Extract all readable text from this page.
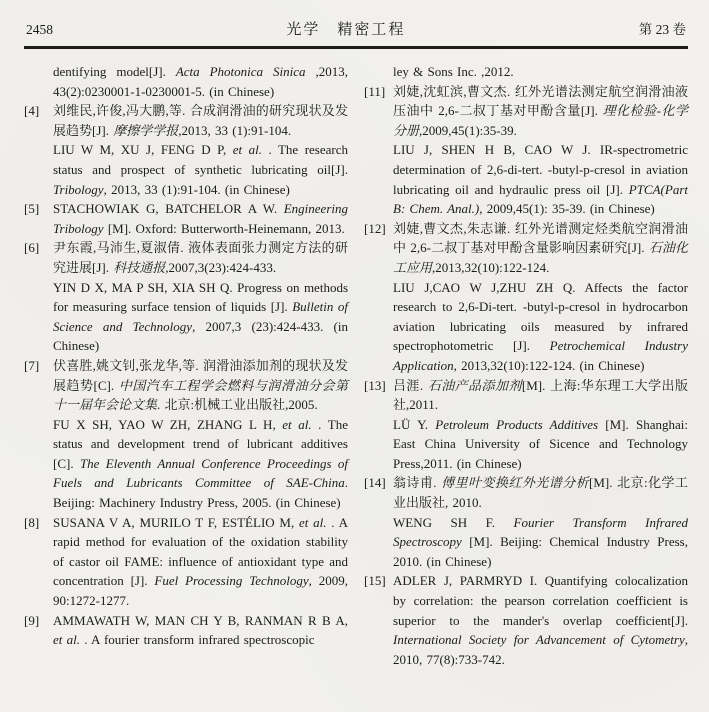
2458	光学　精密工程	第 23 卷

dentifying model[J]. Acta Photonica Sinica ,2013, 43(2):0230001-1-0230001-5. (in Chinese)

[4] 刘维民,许俊,冯大鹏,等. 合成润滑油的研究现状及发展趋势[J]. 摩擦学学报,2013, 33 (1):91-104.

LIU W M, XU J, FENG D P, et al. . The research status and prospect of synthetic lubricating oil[J]. Tribology, 2013, 33 (1):91-104. (in Chinese)

[5] STACHOWIAK G, BATCHELOR A W. Engineering Tribology [M]. Oxford: Butterworth-Heinemann, 2013.

[6] 尹东霞,马沛生,夏淑倩. 液体表面张力测定方法的研究进展[J]. 科技通报,2007,3(23):424-433.

YIN D X, MA P SH, XIA SH Q. Progress on methods for measuring surface tension of liquids [J]. Bulletin of Science and Technology, 2007,3 (23):424-433. (in Chinese)

[7] 伏喜胜,姚文钊,张龙华,等. 润滑油添加剂的现状及发展趋势[C]. 中国汽车工程学会燃料与润滑油分会第十一届年会论文集. 北京:机械工业出版社,2005.

FU X SH, YAO W ZH, ZHANG L H, et al. . The status and development trend of lubricant additives [C]. The Eleventh Annual Conference Proceedings of Fuels and Lubricants Committee of SAE-China. Beijing: Machinery Industry Press, 2005. (in Chinese)

[8] SUSANA V A, MURILO T F, ESTÉLIO M, et al. . A rapid method for evaluation of the oxidation stability of castor oil FAME: influence of antioxidant type and concentration [J]. Fuel Processing Technology, 2009, 90:1272-1277.

[9] AMMAWATH W, MAN CH Y B, RANMAN R B A, et al. . A fourier transform infrared spectroscopic

ley & Sons Inc. ,2012.

[11] 刘婕,沈虹滨,曹文杰. 红外光谱法测定航空润滑油液压油中 2,6-二叔丁基对甲酚含量[J]. 理化检验-化学分册,2009,45(1):35-39.

LIU J, SHEN H B, CAO W J. IR-spectrometric determination of 2,6-di-tert. -butyl-p-cresol in aviation lubricating oil and hydraulic press oil [J]. PTCA(Part B: Chem. Anal.), 2009,45(1): 35-39. (in Chinese)

[12] 刘婕,曹文杰,朱志谦. 红外光谱测定烃类航空润滑油中 2,6-二叔丁基对甲酚含量影响因素研究[J]. 石油化工应用,2013,32(10):122-124.

LIU J,CAO W J,ZHU ZH Q. Affects the factor research to 2,6-Di-tert. -butyl-p-cresol in hydrocarbon aviation lubricating oils measured by infrared spectrophotometric [J]. Petrochemical Industry Application, 2013,32(10):122-124. (in Chinese)

[13] 吕涯. 石油产品添加剂[M]. 上海:华东理工大学出版社,2011.

LÜ Y. Petroleum Products Additives [M]. Shanghai: East China University of Sicence and Technology Press,2011. (in Chinese)

[14] 翁诗甫. 傅里叶变换红外光谱分析[M]. 北京:化学工业出版社, 2010.

WENG SH F. Fourier Transform Infrared Spectroscopy [M]. Beijing: Chemical Industry Press, 2010. (in Chinese)

[15] ADLER J, PARMRYD I. Quantifying colocalization by correlation: the pearson correlation coefficient is superior to the mander's overlap coefficient[J]. International Society for Advancement of Cytometry, 2010, 77(8):733-742.
